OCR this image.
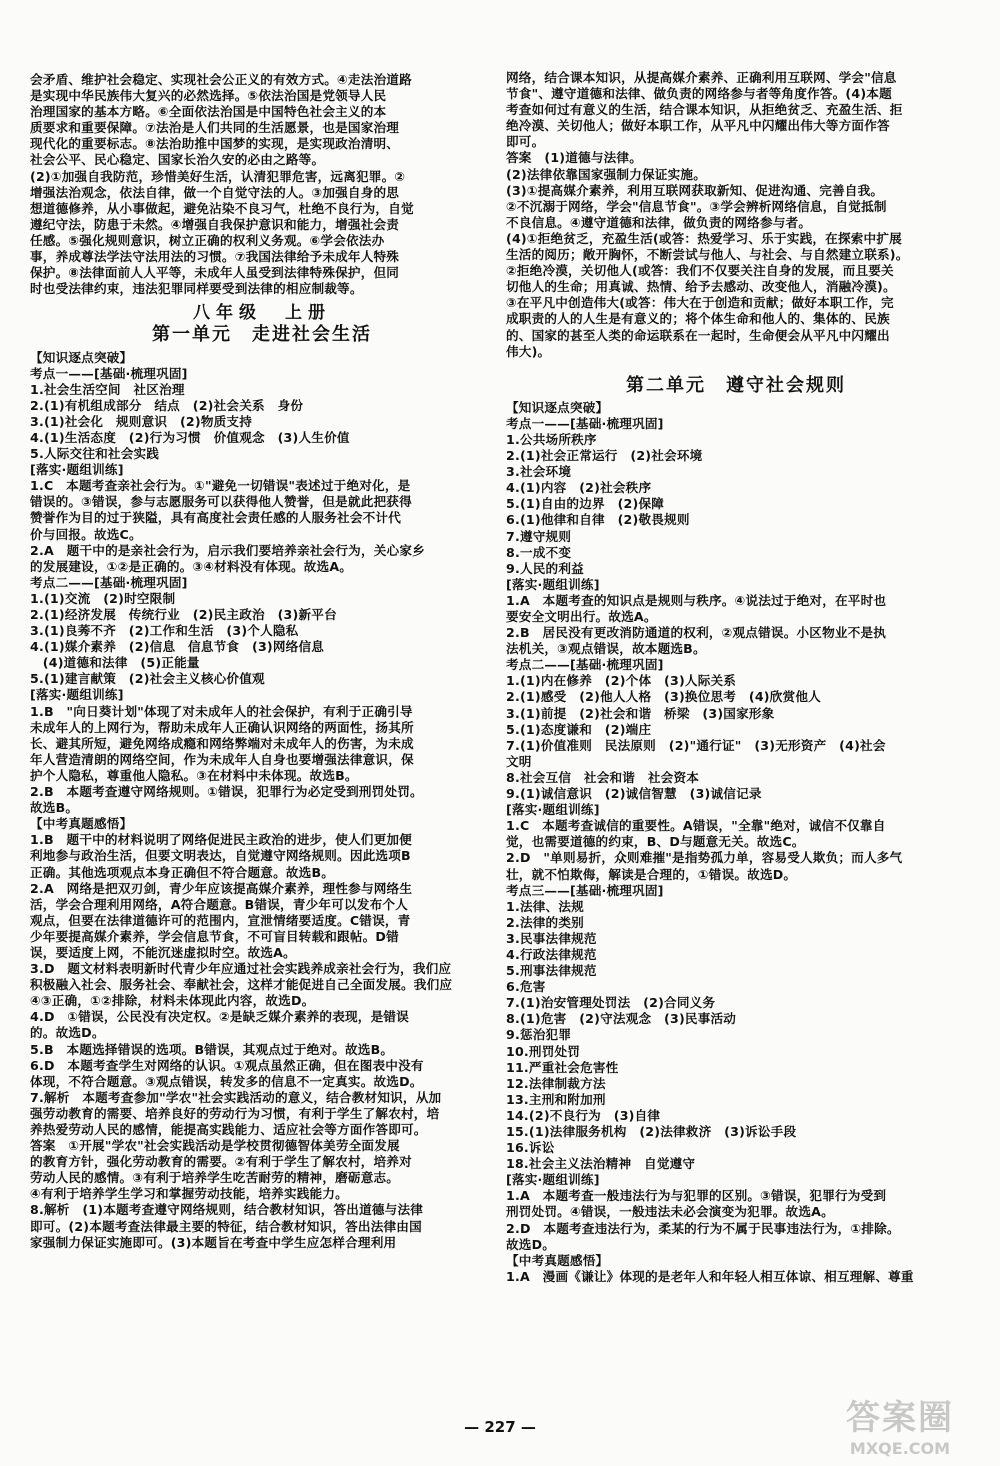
会矛盾、维护社会稳定、实现社会公正义的有效方式。④走法治道路
是实现中华民族伟大复兴的必然选择。⑤依法治国是党领导人民
治理国家的基本方略。⑥全面依法治国是中国特色社会主义的本
质要求和重要保障。⑦法治是人们共同的生活愿景，也是国家治理
现代化的重要标志。⑧法治助推中国梦的实现，是实现政治清明、
社会公平、民心稳定、国家长治久安的必由之路等。
(2)①加强自我防范，珍惜美好生活，认清犯罪危害，远离犯罪。②
增强法治观念，依法自律，做一个自觉守法的人。③加强自身的思
想道德修养，从小事做起，避免沾染不良习气，杜绝不良行为，自觉
遵纪守法，防患于未然。④增强自我保护意识和能力，增强社会责
任感。⑤强化规则意识，树立正确的权利义务观。⑥学会依法办
事，养成尊法学法守法用法的习惯。⑦我国法律给予未成年人特殊
保护。⑧法律面前人人平等，未成年人虽受到法律特殊保护，但同
时也受法律约束，违法犯罪同样要受到法律的相应制裁等。
八年级　上册
第一单元　走进社会生活
【知识逐点突破】
考点一——[基础·梳理巩固]
1.社会生活空间　社区治理
2.(1)有机组成部分　结点　(2)社会关系　身份
3.(1)社会化　规则意识　(2)物质支持
4.(1)生活态度　(2)行为习惯　价值观念　(3)人生价值
5.人际交往和社会实践
[落实·题组训练]
1.C　本题考查亲社会行为。①"避免一切错误"表述过于绝对化，是
错误的。③错误，参与志愿服务可以获得他人赞誉，但是就此把获得
赞誉作为目的过于狭隘，具有高度社会责任感的人服务社会不计代
价与回报。故选C。
2.A　题干中的是亲社会行为，启示我们要培养亲社会行为，关心家乡
的发展建设，①②是正确的。③④材料没有体现。故选A。
考点二——[基础·梳理巩固]
1.(1)交流　(2)时空限制
2.(1)经济发展　传统行业　(2)民主政治　(3)新平台
3.(1)良莠不齐　(2)工作和生活　(3)个人隐私
4.(1)媒介素养　(2)信息　信息节食　(3)网络信息
　(4)道德和法律　(5)正能量
5.(1)建言献策　(2)社会主义核心价值观
[落实·题组训练]
1.B　"向日葵计划"体现了对未成年人的社会保护，有利于正确引导
未成年人的上网行为，帮助未成年人正确认识网络的两面性，扬其所
长、避其所短，避免网络成瘾和网络弊端对未成年人的伤害，为未成
年人营造清朗的网络空间，作为未成年人自身也要增强法律意识，保
护个人隐私，尊重他人隐私。③在材料中未体现。故选B。
2.B　本题考查遵守网络规则。①错误，犯罪行为必定受到刑罚处罚。
故选B。
【中考真题感悟】
1.B　题干中的材料说明了网络促进民主政治的进步，使人们更加便
利地参与政治生活，但要文明表达，自觉遵守网络规则。因此选项B
正确。其他选项观点本身正确但不符合题意。故选B。
2.A　网络是把双刃剑，青少年应该提高媒介素养，理性参与网络生
活，学会合理利用网络，A符合题意。B错误，青少年可以发布个人
观点，但要在法律道德许可的范围内，宣泄情绪要适度。C错误，青
少年要提高媒介素养，学会信息节食，不可盲目转载和跟帖。D错
误，要适度上网，不能沉迷虚拟时空。故选A。
3.D　题文材料表明新时代青少年应通过社会实践养成亲社会行为，我们应
积极融入社会、服务社会、奉献社会，这样才能促进自己全面发展。我们应
④③正确，①②排除，材料未体现此内容，故选D。
4.D　①错误，公民没有决定权。②是缺乏媒介素养的表现，是错误
的。故选D。
5.B　本题选择错误的选项。B错误，其观点过于绝对。故选B。
6.D　本题考查学生对网络的认识。①观点虽然正确，但在图表中没有
体现，不符合题意。③观点错误，转发多的信息不一定真实。故选D。
7.解析　本题考查参加"学农"社会实践活动的意义，结合教材知识，从加
强劳动教育的需要、培养良好的劳动行为习惯，有利于学生了解农村，培
养热爱劳动人民的感情，能提高实践能力、适应社会等方面作答即可。
答案　①开展"学农"社会实践活动是学校贯彻德智体美劳全面发展
的教育方针，强化劳动教育的需要。②有利于学生了解农村，培养对
劳动人民的感情。③有利于培养学生吃苦耐劳的精神，磨砺意志。
④有利于培养学生学习和掌握劳动技能，培养实践能力。
8.解析　(1)本题考查遵守网络规则，结合教材知识，答出道德与法律
即可。(2)本题考查法律最主要的特征，结合教材知识，答出法律由国
家强制力保证实施即可。(3)本题旨在考查中学生应怎样合理利用
网络，结合课本知识，从提高媒介素养、正确利用互联网、学会"信息
节食"、遵守道德和法律、做负责的网络参与者等角度作答。(4)本题
考查如何过有意义的生活，结合课本知识，从拒绝贫乏、充盈生活、拒
绝冷漠、关切他人；做好本职工作，从平凡中闪耀出伟大等方面作答
即可。
答案　(1)道德与法律。
(2)法律依靠国家强制力保证实施。
(3)①提高媒介素养，利用互联网获取新知、促进沟通、完善自我。
②不沉溺于网络，学会"信息节食"。③学会辨析网络信息，自觉抵制
不良信息。④遵守道德和法律，做负责的网络参与者。
(4)①拒绝贫乏，充盈生活(或答：热爱学习、乐于实践，在探索中扩展
生活的阅历；敞开胸怀，不断尝试与他人、与社会、与自然建立联系)。
②拒绝冷漠，关切他人(或答：我们不仅要关注自身的发展，而且要关
切他人的生命；用真诚、热情、给予去感动、改变他人，消融冷漠)。
③在平凡中创造伟大(或答：伟大在于创造和贡献；做好本职工作，完
成职责的人的人生是有意义的；将个体生命和他人的、集体的、民族
的、国家的甚至人类的命运联系在一起时，生命便会从平凡中闪耀出
伟大)。
第二单元　遵守社会规则
【知识逐点突破】
考点一——[基础·梳理巩固]
1.公共场所秩序
2.(1)社会正常运行　(2)社会环境
3.社会环境
4.(1)内容　(2)社会秩序
5.(1)自由的边界　(2)保障
6.(1)他律和自律　(2)敬畏规则
7.遵守规则
8.一成不变
9.人民的利益
[落实·题组训练]
1.A　本题考查的知识点是规则与秩序。④说法过于绝对，在平时也
要安全文明出行。故选A。
2.B　居民没有更改消防通道的权利，②观点错误。小区物业不是执
法机关，③观点错误，故本题选B。
考点二——[基础·梳理巩固]
1.(1)内在修养　(2)个体　(3)人际关系
2.(1)感受　(2)他人人格　(3)换位思考　(4)欣赏他人
3.(1)前提　(2)社会和谐　桥梁　(3)国家形象
5.(1)态度谦和　(2)端庄
7.(1)价值准则　民法原则　(2)"通行证"　(3)无形资产　(4)社会
文明
8.社会互信　社会和谐　社会资本
9.(1)诚信意识　(2)诚信智慧　(3)诚信记录
[落实·题组训练]
1.C　本题考查诚信的重要性。A错误，"全靠"绝对，诚信不仅靠自
觉，也需要道德的约束，B、D与题意无关。故选C。
2.D　"单则易折，众则难摧"是指势孤力单，容易受人欺负；而人多气
壮，就不怕欺侮，解读是合理的，①错误。故选D。
考点三——[基础·梳理巩固]
1.法律、法规
2.法律的类别
3.民事法律规范
4.行政法律规范
5.刑事法律规范
6.危害
7.(1)治安管理处罚法　(2)合同义务
8.(1)危害　(2)守法观念　(3)民事活动
9.惩治犯罪
10.刑罚处罚
11.严重社会危害性
12.法律制裁方法
13.主刑和附加刑
14.(2)不良行为　(3)自律
15.(1)法律服务机构　(2)法律救济　(3)诉讼手段
16.诉讼
18.社会主义法治精神　自觉遵守
[落实·题组训练]
1.A　本题考查一般违法行为与犯罪的区别。③错误，犯罪行为受到
刑罚处罚。④错误，一般违法未必会演变为犯罪。故选A。
2.D　本题考查违法行为，柔某的行为不属于民事违法行为，①排除。
故选D。
【中考真题感悟】
1.A　漫画《谦让》体现的是老年人和年轻人相互体谅、相互理解、尊重
— 227 —	答案圈
MXQE.COM
